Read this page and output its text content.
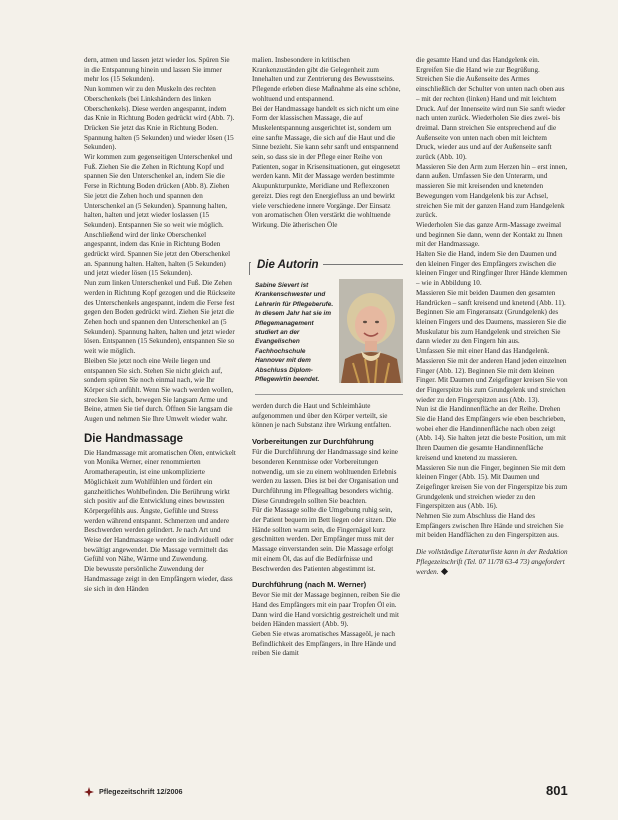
dern, atmen und lassen jetzt wieder los. Spüren Sie in die Entspannung hinein und lassen Sie immer mehr los (15 Sekunden).

Nun kommen wir zu den Muskeln des rechten Oberschenkels (bei Linkshändern des linken Oberschenkels). Diese werden angespannt, indem das Knie in Richtung Boden gedrückt wird (Abb. 7). Drücken Sie jetzt das Knie in Richtung Boden. Spannung halten (5 Sekunden) und wieder lösen (15 Sekunden).

Wir kommen zum gegenseitigen Unterschenkel und Fuß. Ziehen Sie die Zehen in Richtung Kopf und spannen Sie den Unterschenkel an, indem Sie die Ferse in Richtung Boden drücken (Abb. 8). Ziehen Sie jetzt die Zehen hoch und spannen den Unterschenkel an (5 Sekunden). Spannung halten, halten, halten und jetzt wieder loslassen (15 Sekunden). Entspannen Sie so weit wie möglich.

Anschließend wird der linke Oberschenkel angespannt, indem das Knie in Richtung Boden gedrückt wird. Spannen Sie jetzt den Oberschenkel an. Spannung halten. Halten, halten (5 Sekunden) und jetzt wieder lösen (15 Sekunden).

Nun zum linken Unterschenkel und Fuß. Die Zehen werden in Richtung Kopf gezogen und die Rückseite des Unterschenkels angespannt, indem die Ferse fest gegen den Boden gedrückt wird. Ziehen Sie jetzt die Zehen hoch und spannen den Unterschenkel an (5 Sekunden). Spannung halten, halten und jetzt wieder lösen. Entspannen (15 Sekunden), entspannen Sie so weit wie möglich.

Bleiben Sie jetzt noch eine Weile liegen und entspannen Sie sich. Stehen Sie nicht gleich auf, sondern spüren Sie noch einmal nach, wie Ihr Körper sich anfühlt. Wenn Sie wach werden wollen, strecken Sie sich, bewegen Sie langsam Arme und Beine, atmen Sie tief durch. Öffnen Sie langsam die Augen und nehmen Sie Ihre Umwelt wieder wahr.

Die Handmassage

Die Handmassage mit aromatischen Ölen, entwickelt von Monika Werner, einer renommierten Aromatherapeutin, ist eine unkomplizierte Möglichkeit zum Wohlfühlen und fördert ein ganzheitliches Wohlbefinden. Die Berührung wirkt sich positiv auf die Entwicklung eines bewussten Körpergefühls aus. Ängste, Gefühle und Stress werden während entspannt. Schmerzen und andere Beschwerden werden gelindert. Je nach Art und Weise der Handmassage werden sie individuell oder bewältigt angewendet. Die Massage vermittelt das Gefühl von Nähe, Wärme und Zuwendung.

Die bewusste persönliche Zuwendung der Handmassage zeigt in den Empfängern wieder, dass sie sich in den Händen

malien. Insbesondere in kritischen Krankenzuständen gibt die Gelegenheit zum Innehalten und zur Zentrierung des Bewusstseins. Pflegende erleben diese Maßnahme als eine schöne, wohltuend und entspannend.

Bei der Handmassage handelt es sich nicht um eine Form der klassischen Massage, die auf Muskelentspannung ausgerichtet ist, sondern um eine sanfte Massage, die sich auf die Haut und die Sinne bezieht. Sie kann sehr sanft und entspannend sein, so dass sie in der Pflege einer Reihe von Patienten, sogar in Krisensituationen, gut eingesetzt werden kann. Mit der Massage werden bestimmte Akupunkturpunkte, Meridiane und Reflexzonen gereizt. Dies regt den Energiefluss an und bewirkt viele verschiedene innere Vorgänge. Der Einsatz von aromatischen Ölen verstärkt die wohltuende Wirkung. Die ätherischen Öle

Die Autorin
Sabine Sievert ist Krankenschwester und Lehrerin für Pflegeberufe. In diesem Jahr hat sie im Pflegemanagement studiert an der Evangelischen Fachhochschule Hannover mit dem Abschluss Diplom-Pflegewirtin beendet.

werden durch die Haut und Schleimhäute aufgenommen und über den Körper verteilt, sie können je nach Substanz ihre Wirkung entfalten.

Vorbereitungen zur Durchführung

Für die Durchführung der Handmassage sind keine besonderen Kenntnisse oder Vorbereitungen notwendig, um sie zu einem wohltuenden Erlebnis werden zu lassen. Dies ist bei der Organisation und Durchführung im Pflegealltag besonders wichtig. Diese Grundregeln sollten Sie beachten.

Für die Massage sollte die Umgebung ruhig sein, der Patient bequem im Bett liegen oder sitzen. Die Hände sollten warm sein, die Fingernägel kurz geschnitten werden. Der Empfänger muss mit der Massage einverstanden sein. Die Massage erfolgt mit einem Öl, das auf die Bedürfnisse und Beschwerden des Patienten abgestimmt ist.

Durchführung (nach M. Werner)

Bevor Sie mit der Massage beginnen, reiben Sie die Hand des Empfängers mit ein paar Tropfen Öl ein. Dann wird die Hand vorsichtig gestreichelt und mit beiden Händen massiert (Abb. 9).

Geben Sie etwas aromatisches Massageöl, je nach Befindlichkeit des Empfängers, in Ihre Hände und reiben Sie damit

die gesamte Hand und das Handgelenk ein.

Ergreifen Sie die Hand wie zur Begrüßung. Streichen Sie die Außenseite des Armes einschließlich der Schulter von unten nach oben aus – mit der rechten (linken) Hand und mit leichtem Druck. Auf der Innenseite wird nun Sie sanft wieder nach unten zurück. Wiederholen Sie dies zwei- bis dreimal. Dann streichen Sie entsprechend auf die Außenseite von unten nach oben mit leichtem Druck, wieder aus und auf der Außenseite sanft zurück (Abb. 10).

Massieren Sie den Arm zum Herzen hin – erst innen, dann außen. Umfassen Sie den Unterarm, und massieren Sie mit kreisenden und knetenden Bewegungen vom Handgelenk bis zur Achsel, streichen Sie mit der ganzen Hand zum Handgelenk zurück.

Wiederholen Sie das ganze Arm-Massage zweimal und beginnen Sie dann, wenn der Kontakt zu Ihnen mit der Handmassage.

Halten Sie die Hand, indem Sie den Daumen und den kleinen Finger des Empfängers zwischen die kleinen Finger und Ringfinger Ihrer Hände klemmen – wie in Abbildung 10.

Massieren Sie mit beiden Daumen den gesamten Handrücken – sanft kreisend und knetend (Abb. 11). Beginnen Sie am Fingeransatz (Grundgelenk) des kleinen Fingers und des Daumens, massieren Sie die Muskulatur bis zum Handgelenk und streichen Sie dann wieder zu den Fingern hin aus.

Umfassen Sie mit einer Hand das Handgelenk. Massieren Sie mit der anderen Hand jeden einzelnen Finger (Abb. 12). Beginnen Sie mit dem kleinen Finger. Mit Daumen und Zeigefinger kreisen Sie von der Fingerspitze bis zum Grundgelenk und streichen wieder zu den Fingerspitzen aus (Abb. 13).

Nun ist die Handinnenfläche an der Reihe. Drehen Sie die Hand des Empfängers wie eben beschrieben, wobei eher die Handinnenfläche nach oben zeigt (Abb. 14). Sie halten jetzt die beste Position, um mit Ihren Daumen die gesamte Handinnenfläche kreisend und knetend zu massieren.

Massieren Sie nun die Finger, beginnen Sie mit dem kleinen Finger (Abb. 15). Mit Daumen und Zeigefinger kreisen Sie von der Fingerspitze bis zum Grundgelenk und streichen wieder zu den Fingerspitzen aus (Abb. 16).

Nehmen Sie zum Abschluss die Hand des Empfängers zwischen Ihre Hände und streichen Sie mit beiden Handflächen zu den Fingerspitzen aus.

Die vollständige Literaturliste kann in der Redaktion Pflegezeitschrift (Tel. 07 11/78 63-4 73) angefordert werden.

Pflegezeitschrift 12/2006	801
